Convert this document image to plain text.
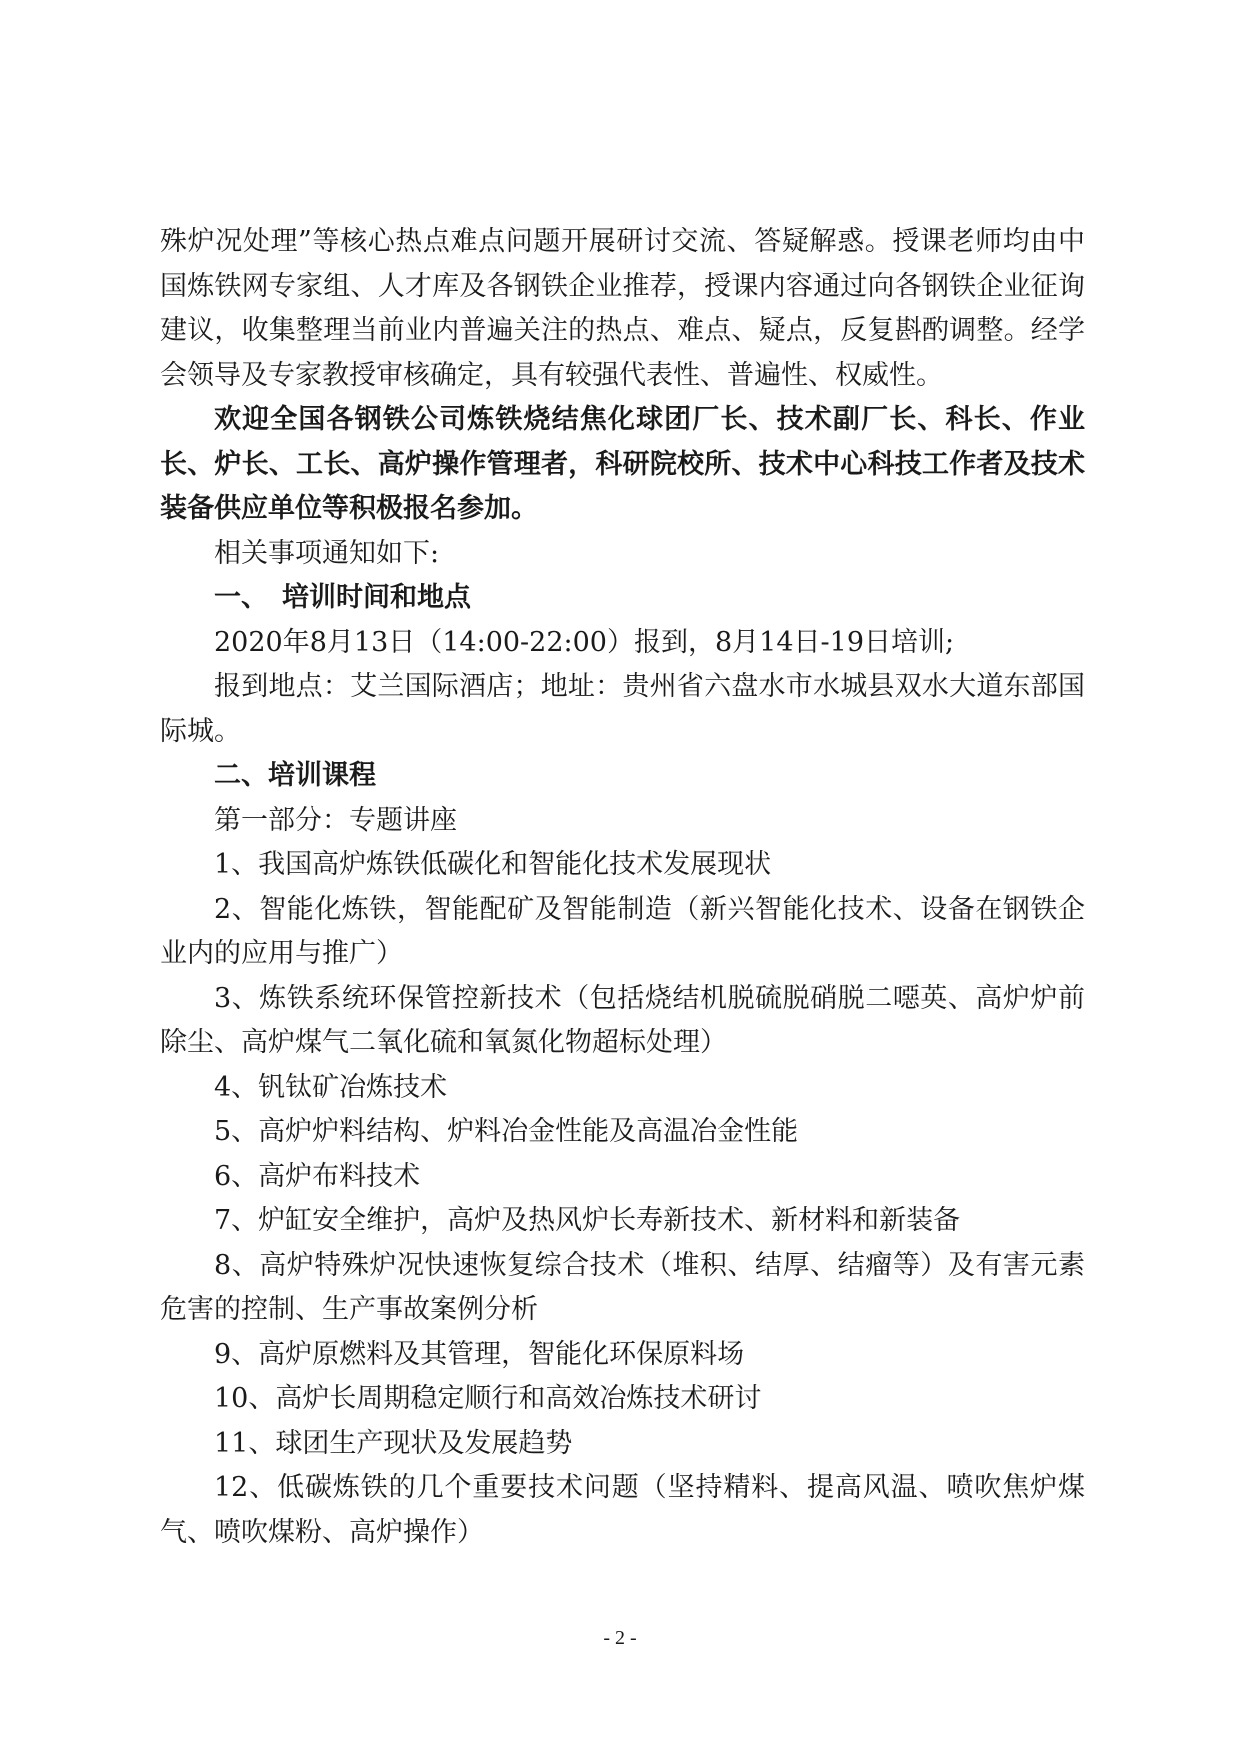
殊炉况处理”等核心热点难点问题开展研讨交流、答疑解惑。授课老师均由中国炼铁网专家组、人才库及各钢铁企业推荐，授课内容通过向各钢铁企业征询建议，收集整理当前业内普遍关注的热点、难点、疑点，反复斟酌调整。经学会领导及专家教授审核确定，具有较强代表性、普遍性、权威性。

欢迎全国各钢铁公司炼铁烧结焦化球团厂长、技术副厂长、科长、作业长、炉长、工长、高炉操作管理者，科研院校所、技术中心科技工作者及技术装备供应单位等积极报名参加。

相关事项通知如下:

一、 培训时间和地点

2020年8月13日（14:00-22:00）报到，8月14日-19日培训;

报到地点：艾兰国际酒店；地址：贵州省六盘水市水城县双水大道东部国际城。

二、培训课程

第一部分：专题讲座

1、我国高炉炼铁低碳化和智能化技术发展现状

2、智能化炼铁，智能配矿及智能制造（新兴智能化技术、设备在钢铁企业内的应用与推广）

3、炼铁系统环保管控新技术（包括烧结机脱硫脱硝脱二噁英、高炉炉前除尘、高炉煤气二氧化硫和氧氮化物超标处理）

4、钒钛矿冶炼技术

5、高炉炉料结构、炉料冶金性能及高温冶金性能

6、高炉布料技术

7、炉缸安全维护，高炉及热风炉长寿新技术、新材料和新装备

8、高炉特殊炉况快速恢复综合技术（堆积、结厚、结瘤等）及有害元素危害的控制、生产事故案例分析

9、高炉原燃料及其管理，智能化环保原料场

10、高炉长周期稳定顺行和高效冶炼技术研讨

11、球团生产现状及发展趋势

12、低碳炼铁的几个重要技术问题（坚持精料、提高风温、喷吹焦炉煤气、喷吹煤粉、高炉操作）

- 2 -
